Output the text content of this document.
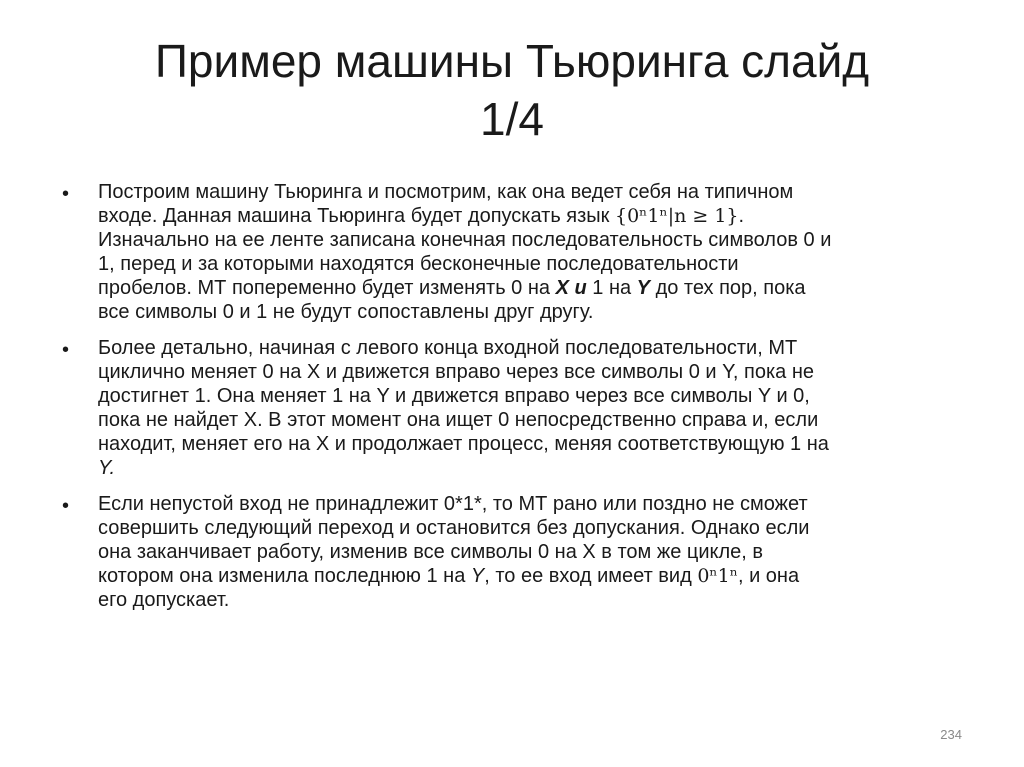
Пример машины Тьюринга слайд
1/4
• Построим машину Тьюринга и посмотрим, как она ведет себя на типичном
входе. Данная машина Тьюринга будет допускать язык {0ⁿ1ⁿ|n ≥ 1}.
Изначально на ее ленте записана конечная последовательность символов 0 и
1, перед и за которыми находятся бесконечные последовательности
пробелов. МТ попеременно будет изменять 0 на X и 1 на Y до тех пор, пока
все символы 0 и 1 не будут сопоставлены друг другу.
• Более детально, начиная с левого конца входной последовательности, МТ
циклично меняет 0 на X и движется вправо через все символы 0 и Y, пока не
достигнет 1. Она меняет 1 на Y и движется вправо через все символы Y и 0,
пока не найдет X. В этот момент она ищет 0 непосредственно справа и, если
находит, меняет его на X и продолжает процесс, меняя соответствующую 1 на
Y.
• Если непустой вход не принадлежит 0*1*, то МТ рано или поздно не сможет
совершить следующий переход и остановится без допускания. Однако если
она заканчивает работу, изменив все символы 0 на X в том же цикле, в
котором она изменила последнюю 1 на Y, то ее вход имеет вид 0ⁿ1ⁿ, и она
его допускает.
234
